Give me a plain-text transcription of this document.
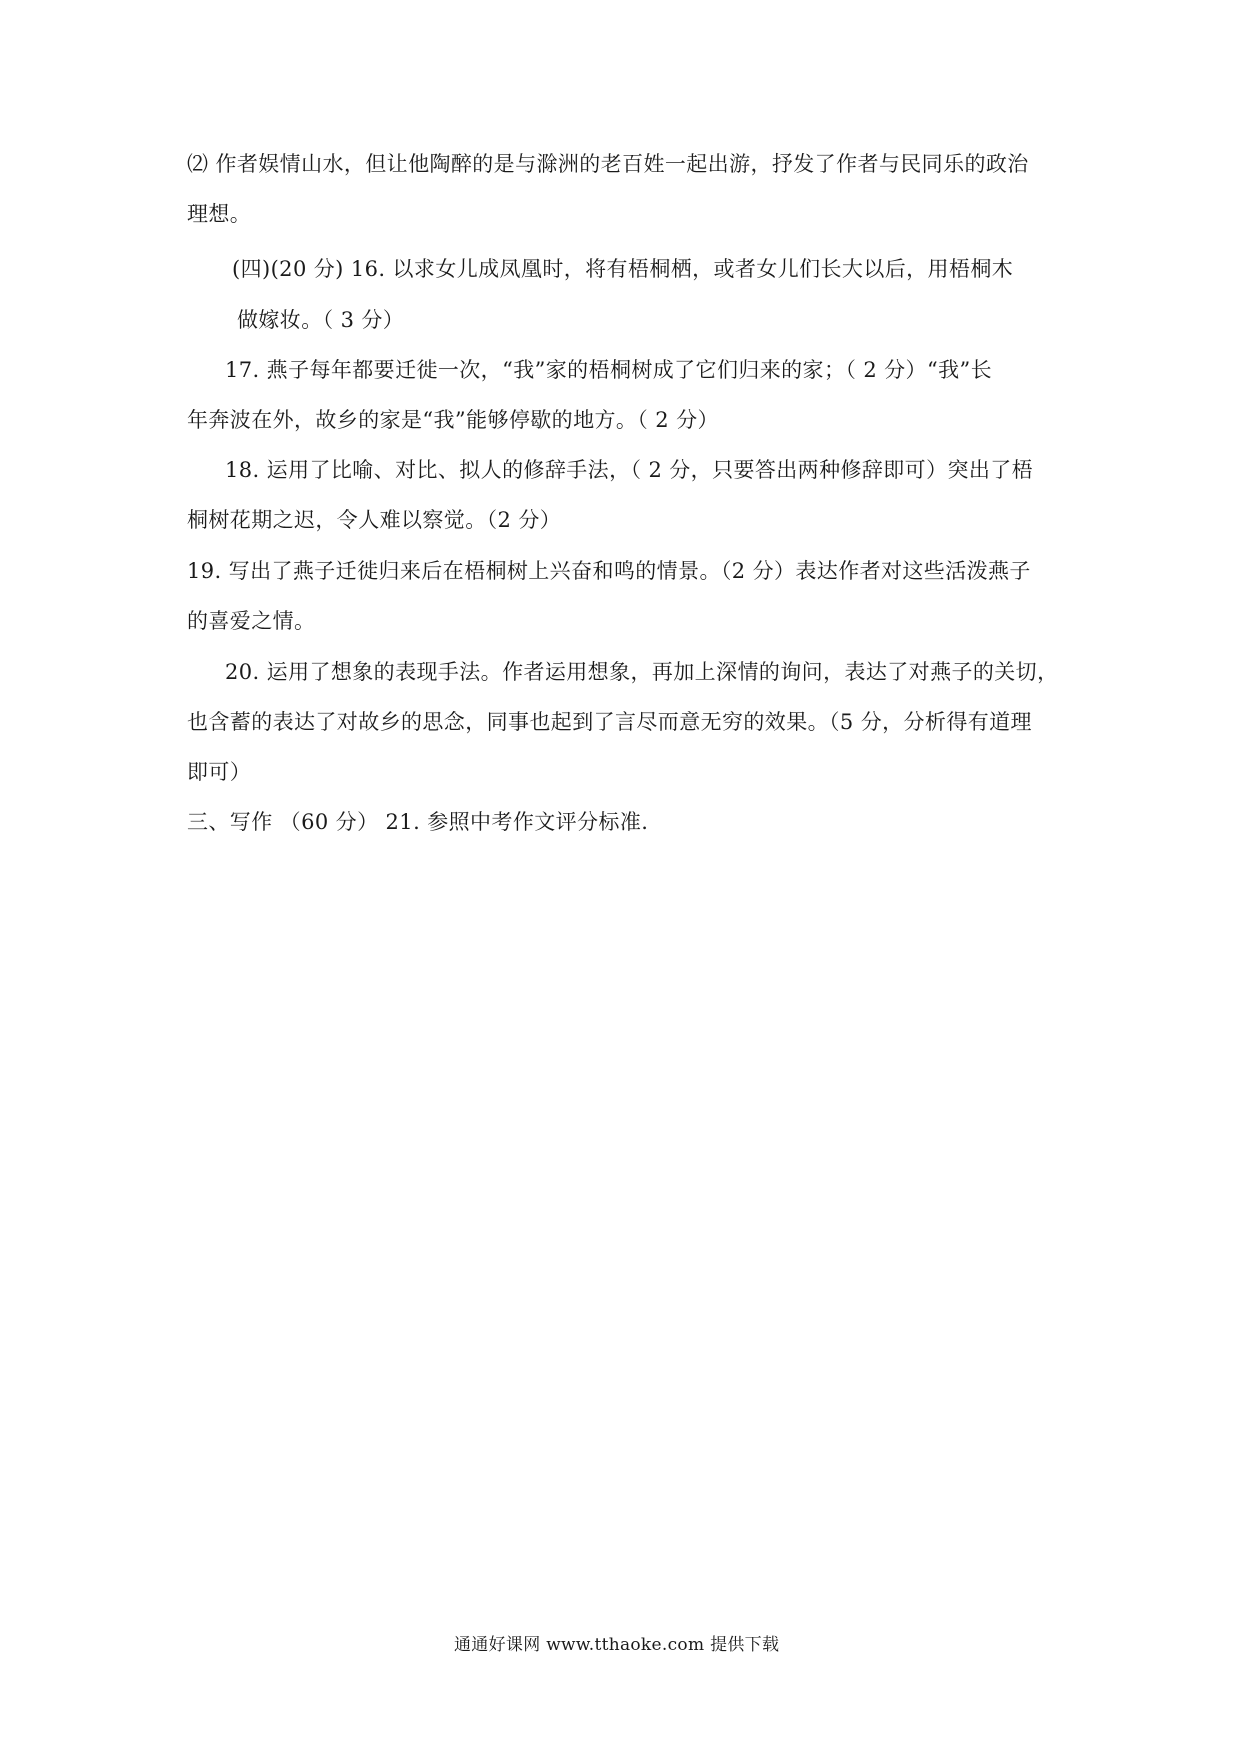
⑵ 作者娱情山水，但让他陶醉的是与滁洲的老百姓一起出游，抒发了作者与民同乐的政治
理想。
(四)(20 分) 16. 以求女儿成凤凰时，将有梧桐栖，或者女儿们长大以后，用梧桐木
做嫁妆。（ 3 分）
17. 燕子每年都要迁徙一次，“我”家的梧桐树成了它们归来的家；（ 2 分）“我”长
年奔波在外，故乡的家是“我”能够停歇的地方。（ 2 分）
18. 运用了比喻、对比、拟人的修辞手法，（ 2 分，只要答出两种修辞即可）突出了梧
桐树花期之迟，令人难以察觉。（2 分）
19. 写出了燕子迁徙归来后在梧桐树上兴奋和鸣的情景。（2 分）表达作者对这些活泼燕子
的喜爱之情。
20. 运用了想象的表现手法。作者运用想象，再加上深情的询问，表达了对燕子的关切，
也含蓄的表达了对故乡的思念，同事也起到了言尽而意无穷的效果。（5 分，分析得有道理
即可）
三、写作 （60 分） 21. 参照中考作文评分标准.
通通好课网 www.tthaoke.com 提供下载
